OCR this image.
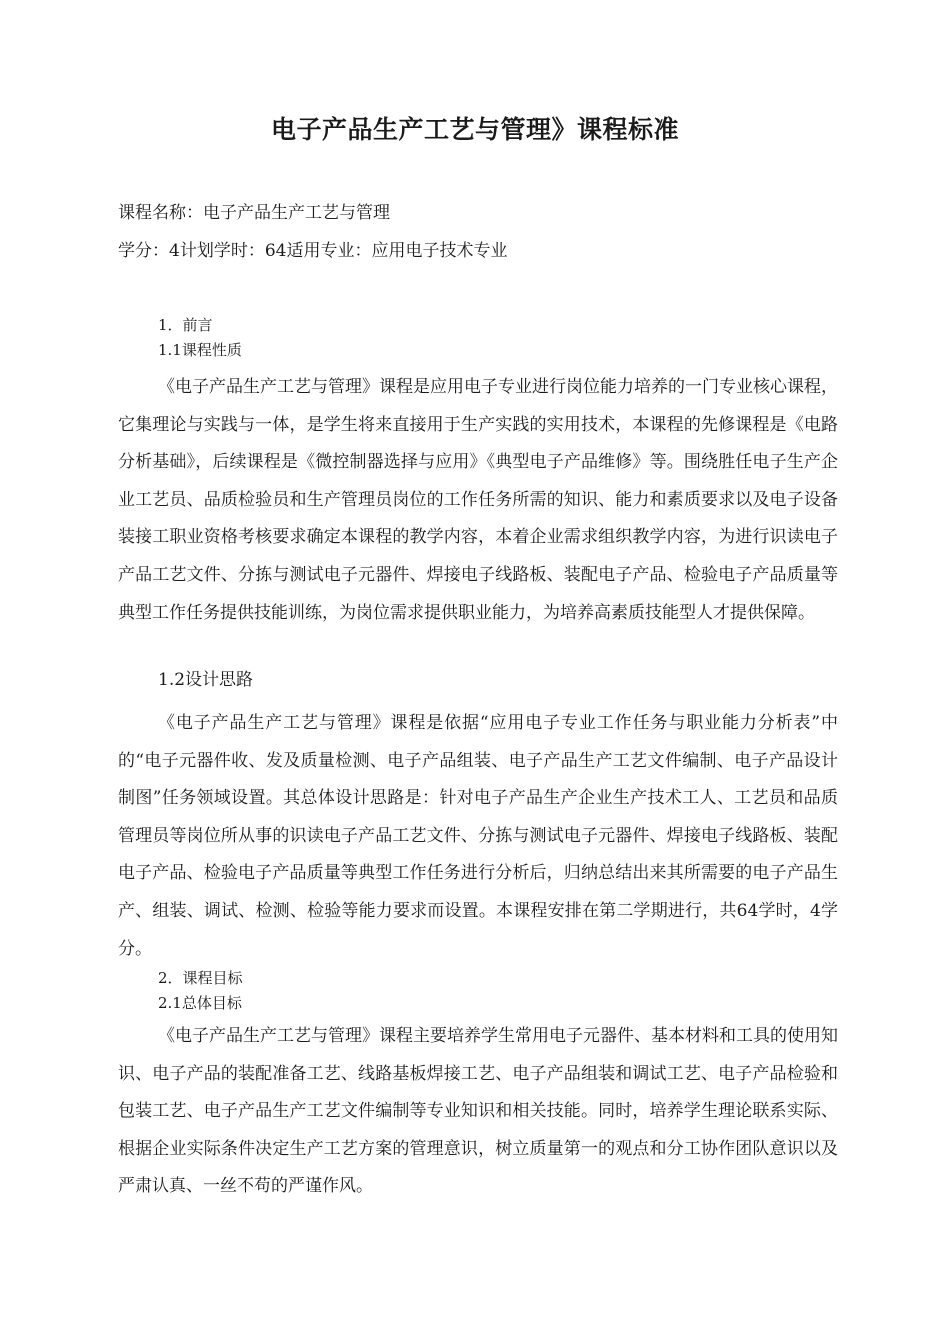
电子产品生产工艺与管理》课程标准
课程名称：电子产品生产工艺与管理
学分：4计划学时：64适用专业：应用电子技术专业
1．前言
1.1课程性质

《电子产品生产工艺与管理》课程是应用电子专业进行岗位能力培养的一门专业核心课程，它集理论与实践与一体，是学生将来直接用于生产实践的实用技术，本课程的先修课程是《电路分析基础》，后续课程是《微控制器选择与应用》《典型电子产品维修》等。围绕胜任电子生产企业工艺员、品质检验员和生产管理员岗位的工作任务所需的知识、能力和素质要求以及电子设备装接工职业资格考核要求确定本课程的教学内容，本着企业需求组织教学内容，为进行识读电子产品工艺文件、分拣与测试电子元器件、焊接电子线路板、装配电子产品、检验电子产品质量等典型工作任务提供技能训练，为岗位需求提供职业能力，为培养高素质技能型人才提供保障。

1.2设计思路

《电子产品生产工艺与管理》课程是依据“应用电子专业工作任务与职业能力分析表”中的“电子元器件收、发及质量检测、电子产品组装、电子产品生产工艺文件编制、电子产品设计制图”任务领域设置。其总体设计思路是：针对电子产品生产企业生产技术工人、工艺员和品质管理员等岗位所从事的识读电子产品工艺文件、分拣与测试电子元器件、焊接电子线路板、装配电子产品、检验电子产品质量等典型工作任务进行分析后，归纳总结出来其所需要的电子产品生产、组装、调试、检测、检验等能力要求而设置。本课程安排在第二学期进行，共64学时，4学分。

2．课程目标
2.1总体目标

《电子产品生产工艺与管理》课程主要培养学生常用电子元器件、基本材料和工具的使用知识、电子产品的装配准备工艺、线路基板焊接工艺、电子产品组装和调试工艺、电子产品检验和包装工艺、电子产品生产工艺文件编制等专业知识和相关技能。同时，培养学生理论联系实际、根据企业实际条件决定生产工艺方案的管理意识，树立质量第一的观点和分工协作团队意识以及严肃认真、一丝不苟的严谨作风。
